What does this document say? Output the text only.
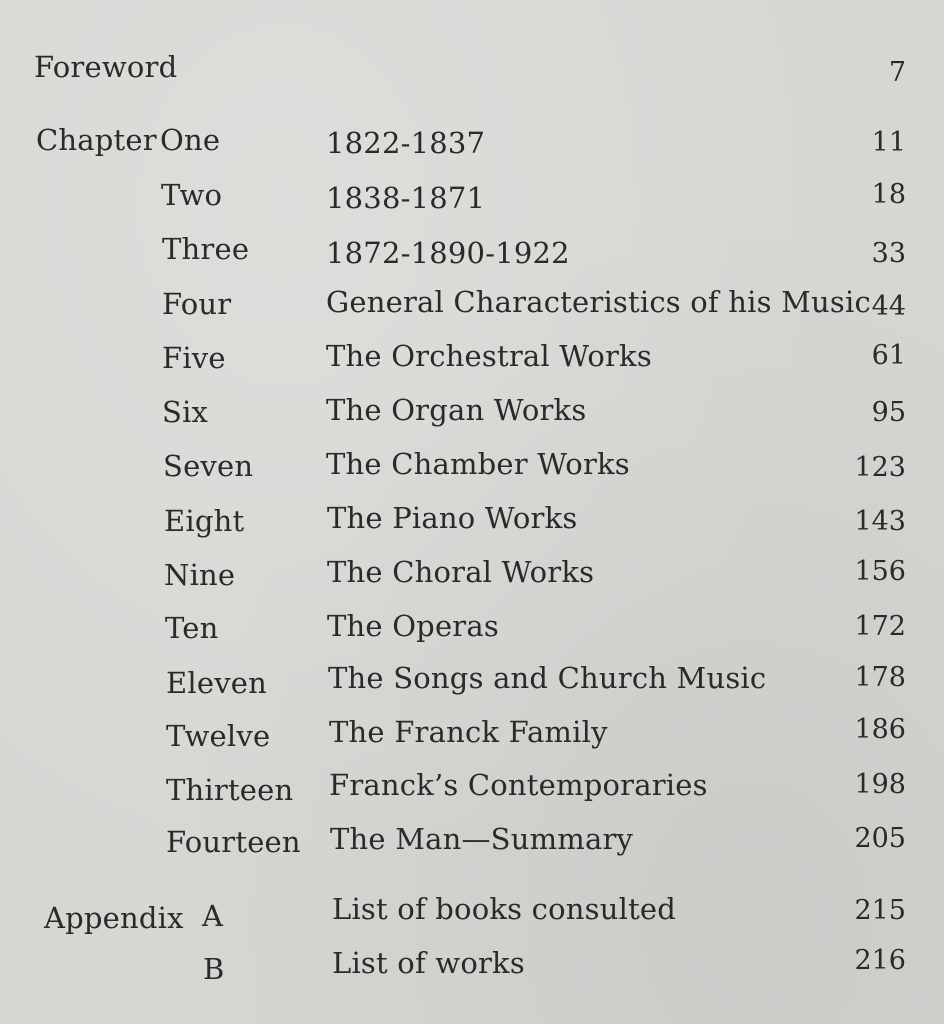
Foreword	7
Chapter One	1822-1837	11
Two	1838-1871	18
Three	1872-1890-1922	33
Four	General Characteristics of his Music 44
Five	The Orchestral Works	61
Six	The Organ Works	95
Seven	The Chamber Works	123
Eight	The Piano Works	143
Nine	The Choral Works	156
Ten	The Operas	172
Eleven The Songs and Church Music	178
Twelve The Franck Family	186
Thirteen Franck’s Contemporaries	198
Fourteen The Man—Summary	205
Appendix A	List of books consulted	215
B	List of works	216
